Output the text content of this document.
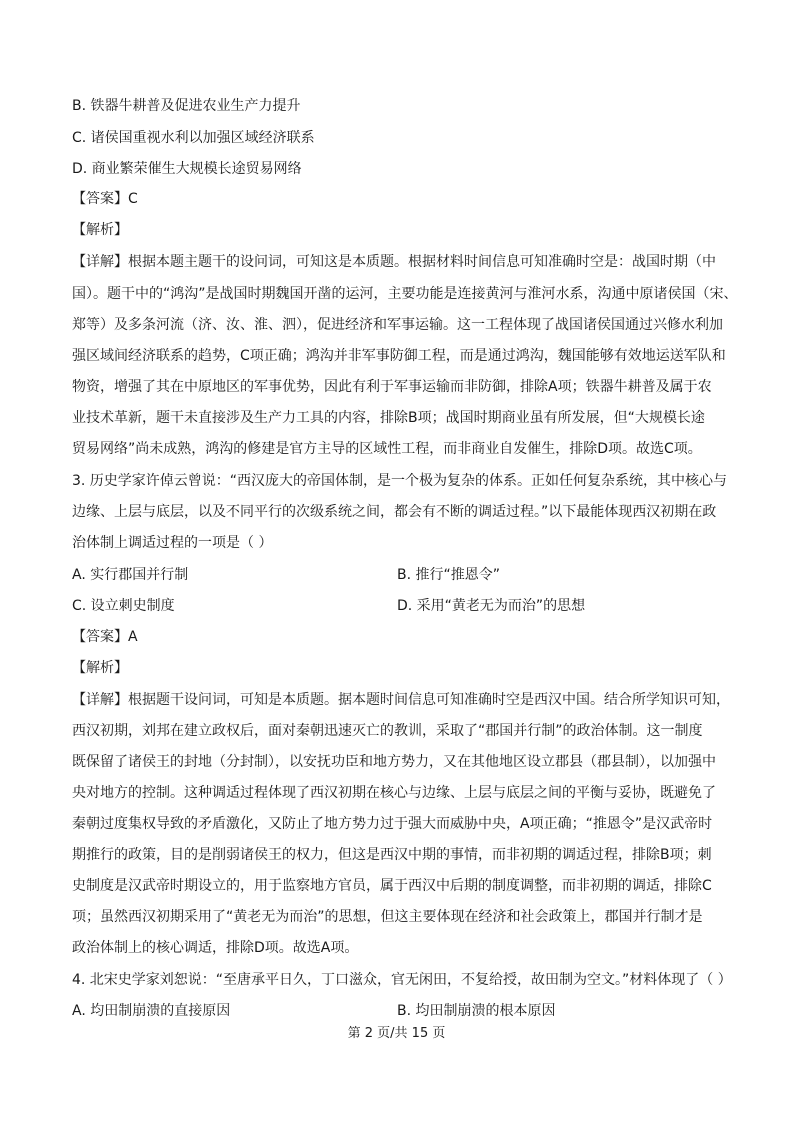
B. 铁器牛耕普及促进农业生产力提升
C. 诸侯国重视水利以加强区域经济联系
D. 商业繁荣催生大规模长途贸易网络
【答案】C
【解析】
【详解】根据本题主题干的设问词，可知这是本质题。根据材料时间信息可知准确时空是：战国时期（中
国）。题干中的“鸿沟”是战国时期魏国开凿的运河，主要功能是连接黄河与淮河水系，沟通中原诸侯国（宋、
郑等）及多条河流（济、汝、淮、泗），促进经济和军事运输。这一工程体现了战国诸侯国通过兴修水利加
强区域间经济联系的趋势，C项正确；鸿沟并非军事防御工程，而是通过鸿沟，魏国能够有效地运送军队和
物资，增强了其在中原地区的军事优势，因此有利于军事运输而非防御，排除A项；铁器牛耕普及属于农
业技术革新，题干未直接涉及生产力工具的内容，排除B项；战国时期商业虽有所发展，但“大规模长途
贸易网络”尚未成熟，鸿沟的修建是官方主导的区域性工程，而非商业自发催生，排除D项。故选C项。
3. 历史学家许倬云曾说：“西汉庞大的帝国体制，是一个极为复杂的体系。正如任何复杂系统，其中核心与
边缘、上层与底层，以及不同平行的次级系统之间，都会有不断的调适过程。”以下最能体现西汉初期在政
治体制上调适过程的一项是（ ）
A. 实行郡国并行制	B. 推行“推恩令”
C. 设立刺史制度	D. 采用“黄老无为而治”的思想
【答案】A
【解析】
【详解】根据题干设问词，可知是本质题。据本题时间信息可知准确时空是西汉中国。结合所学知识可知，
西汉初期，刘邦在建立政权后，面对秦朝迅速灭亡的教训，采取了“郡国并行制”的政治体制。这一制度
既保留了诸侯王的封地（分封制），以安抚功臣和地方势力，又在其他地区设立郡县（郡县制），以加强中
央对地方的控制。这种调适过程体现了西汉初期在核心与边缘、上层与底层之间的平衡与妥协，既避免了
秦朝过度集权导致的矛盾激化，又防止了地方势力过于强大而威胁中央，A项正确；“推恩令”是汉武帝时
期推行的政策，目的是削弱诸侯王的权力，但这是西汉中期的事情，而非初期的调适过程，排除B项；刺
史制度是汉武帝时期设立的，用于监察地方官员，属于西汉中后期的制度调整，而非初期的调适，排除C
项；虽然西汉初期采用了“黄老无为而治”的思想，但这主要体现在经济和社会政策上，郡国并行制才是
政治体制上的核心调适，排除D项。故选A项。
4. 北宋史学家刘恕说：“至唐承平日久，丁口滋众，官无闲田，不复给授，故田制为空文。”材料体现了（ ）
A. 均田制崩溃的直接原因	B. 均田制崩溃的根本原因
第 2 页/共 15 页
